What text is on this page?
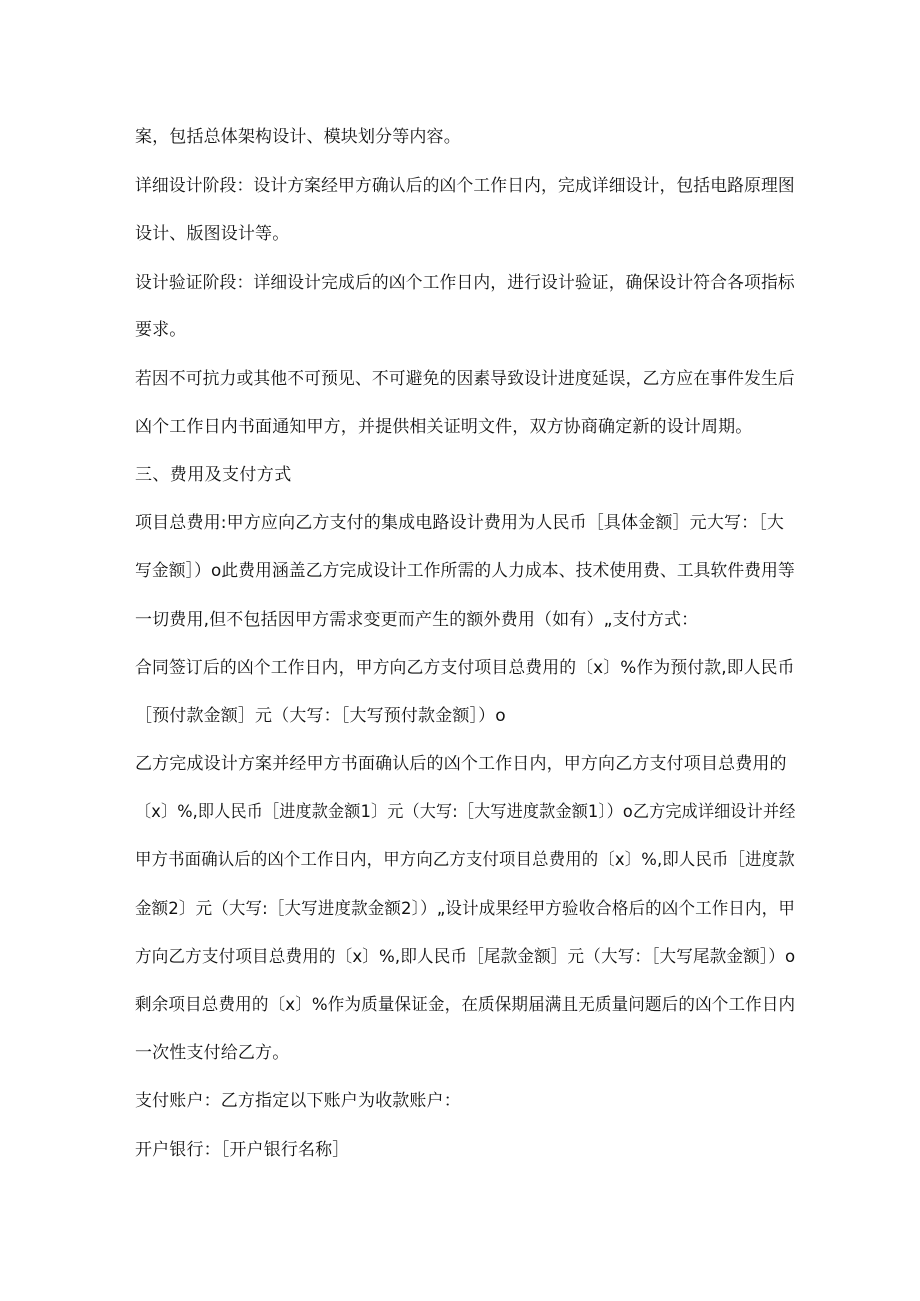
案，包括总体架构设计、模块划分等内容。
详细设计阶段：设计方案经甲方确认后的凶个工作日内，完成详细设计，包括电路原理图
设计、版图设计等。
设计验证阶段：详细设计完成后的凶个工作日内，进行设计验证，确保设计符合各项指标
要求。
若因不可抗力或其他不可预见、不可避免的因素导致设计进度延误，乙方应在事件发生后
凶个工作日内书面通知甲方，并提供相关证明文件，双方协商确定新的设计周期。
三、费用及支付方式
项目总费用:甲方应向乙方支付的集成电路设计费用为人民币［具体金额］元大写：［大
写金额］）o此费用涵盖乙方完成设计工作所需的人力成本、技术使用费、工具软件费用等
一切费用,但不包括因甲方需求变更而产生的额外费用（如有）„支付方式：
合同签订后的凶个工作日内，甲方向乙方支付项目总费用的〔x〕%作为预付款,即人民币
［预付款金额］元（大写：［大写预付款金额］）o
乙方完成设计方案并经甲方书面确认后的凶个工作日内，甲方向乙方支付项目总费用的
〔x〕%,即人民币［进度款金额1〕元（大写:［大写进度款金额1〕）o乙方完成详细设计并经
甲方书面确认后的凶个工作日内，甲方向乙方支付项目总费用的〔x〕%,即人民币［进度款
金额2〕元（大写:［大写进度款金额2〕）„设计成果经甲方验收合格后的凶个工作日内，甲
方向乙方支付项目总费用的〔x〕%,即人民币［尾款金额］元（大写：［大写尾款金额］）o
剩余项目总费用的〔x〕%作为质量保证金，在质保期届满且无质量问题后的凶个工作日内
一次性支付给乙方。
支付账户：乙方指定以下账户为收款账户：
开户银行：［开户银行名称］
